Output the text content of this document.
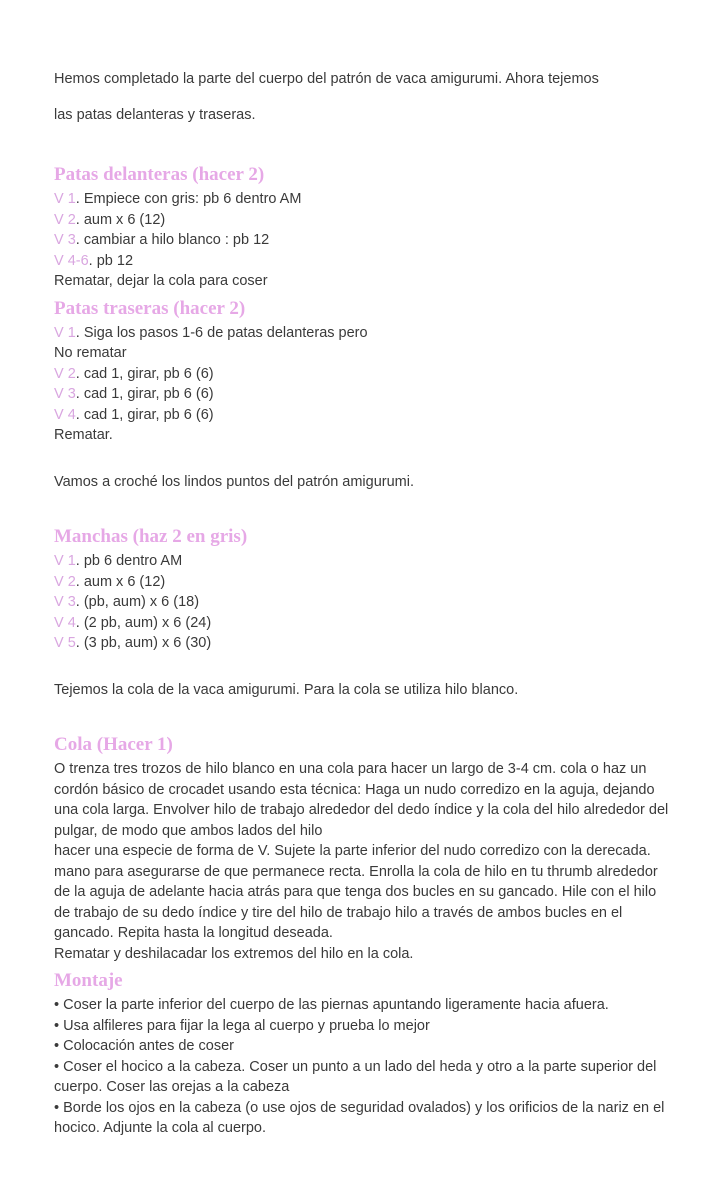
Hemos completado la parte del cuerpo del patrón de vaca amigurumi. Ahora tejemos
las patas delanteras y traseras.
Patas delanteras (hacer 2)
V 1. Empiece con gris: pb 6 dentro AM
V 2. aum x 6 (12)
V 3. cambiar a hilo blanco : pb 12
V 4-6. pb 12
Rematar, dejar la cola para coser
Patas traseras (hacer 2)
V 1. Siga los pasos 1-6 de patas delanteras pero
No rematar
V 2. cad 1, girar, pb 6 (6)
V 3. cad 1, girar, pb 6 (6)
V 4. cad 1, girar, pb 6 (6)
Rematar.
Vamos a croché los lindos puntos del patrón amigurumi.
Manchas (haz 2 en gris)
V 1. pb 6 dentro AM
V 2. aum x 6 (12)
V 3. (pb, aum) x 6 (18)
V 4. (2 pb, aum) x 6 (24)
V 5. (3 pb, aum) x 6 (30)
Tejemos la cola de la vaca amigurumi. Para la cola se utiliza hilo blanco.
Cola (Hacer 1)
O trenza tres trozos de hilo blanco en una cola para hacer un largo de 3-4 cm. cola o haz un cordón básico de crocadet usando esta técnica: Haga un nudo corredizo en la aguja, dejando una cola larga. Envolver hilo de trabajo alrededor del dedo índice y la cola del hilo alrededor del pulgar, de modo que ambos lados del hilo
hacer una especie de forma de V. Sujete la parte inferior del nudo corredizo con la derecada. mano para asegurarse de que permanece recta. Enrolla la cola de hilo en tu thrumb alrededor de la aguja de adelante hacia atrás para que tenga dos bucles en su gancado. Hile con el hilo de trabajo de su dedo índice y tire del hilo de trabajo hilo a través de ambos bucles en el gancado. Repita hasta la longitud deseada.
Rematar y deshilacadar los extremos del hilo en la cola.
Montaje
• Coser la parte inferior del cuerpo de las piernas apuntando ligeramente hacia afuera.
• Usa alfileres para fijar la lega al cuerpo y prueba lo mejor
• Colocación antes de coser
• Coser el hocico a la cabeza. Coser un punto a un lado del heda y otro a la parte superior del cuerpo. Coser las orejas a la cabeza
• Borde los ojos en la cabeza (o use ojos de seguridad ovalados) y los orificios de la nariz en el hocico. Adjunte la cola al cuerpo.
